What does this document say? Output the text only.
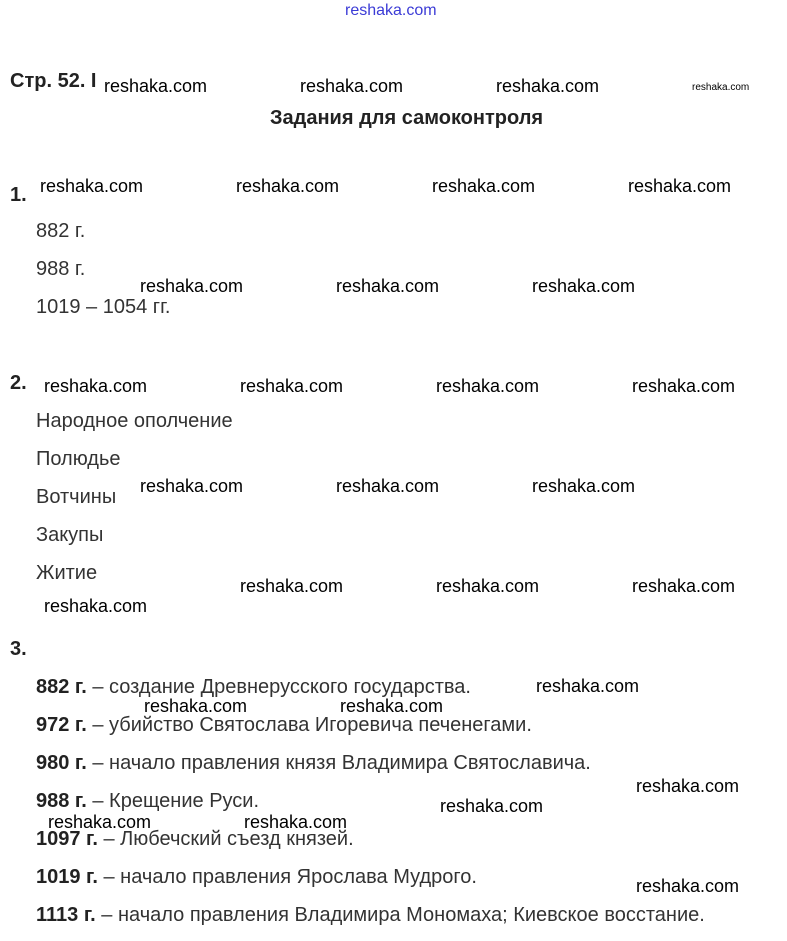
reshaka.com
Стр. 52. I
Задания для самоконтроля
1.
882 г.
988 г.
1019 – 1054 гг.
2.
Народное ополчение
Полюдье
Вотчины
Закупы
Житие
3.
882 г. – создание Древнерусского государства.
972 г. – убийство Святослава Игоревича печенегами.
980 г. – начало правления князя Владимира Святославича.
988 г. – Крещение Руси.
1097 г. – Любечский съезд князей.
1019 г. – начало правления Ярослава Мудрого.
1113 г. – начало правления Владимира Мономаха; Киевское восстание.
reshaka.com	reshaka.com	reshaka.com	reshaka.com
reshaka.com	reshaka.com	reshaka.com	reshaka.com
reshaka.com	reshaka.com	reshaka.com
reshaka.com	reshaka.com	reshaka.com	reshaka.com
reshaka.com	reshaka.com	reshaka.com
reshaka.com	reshaka.com	reshaka.com
reshaka.com
reshaka.com
reshaka.com	reshaka.com
reshaka.com
reshaka.com
reshaka.com	reshaka.com
reshaka.com
